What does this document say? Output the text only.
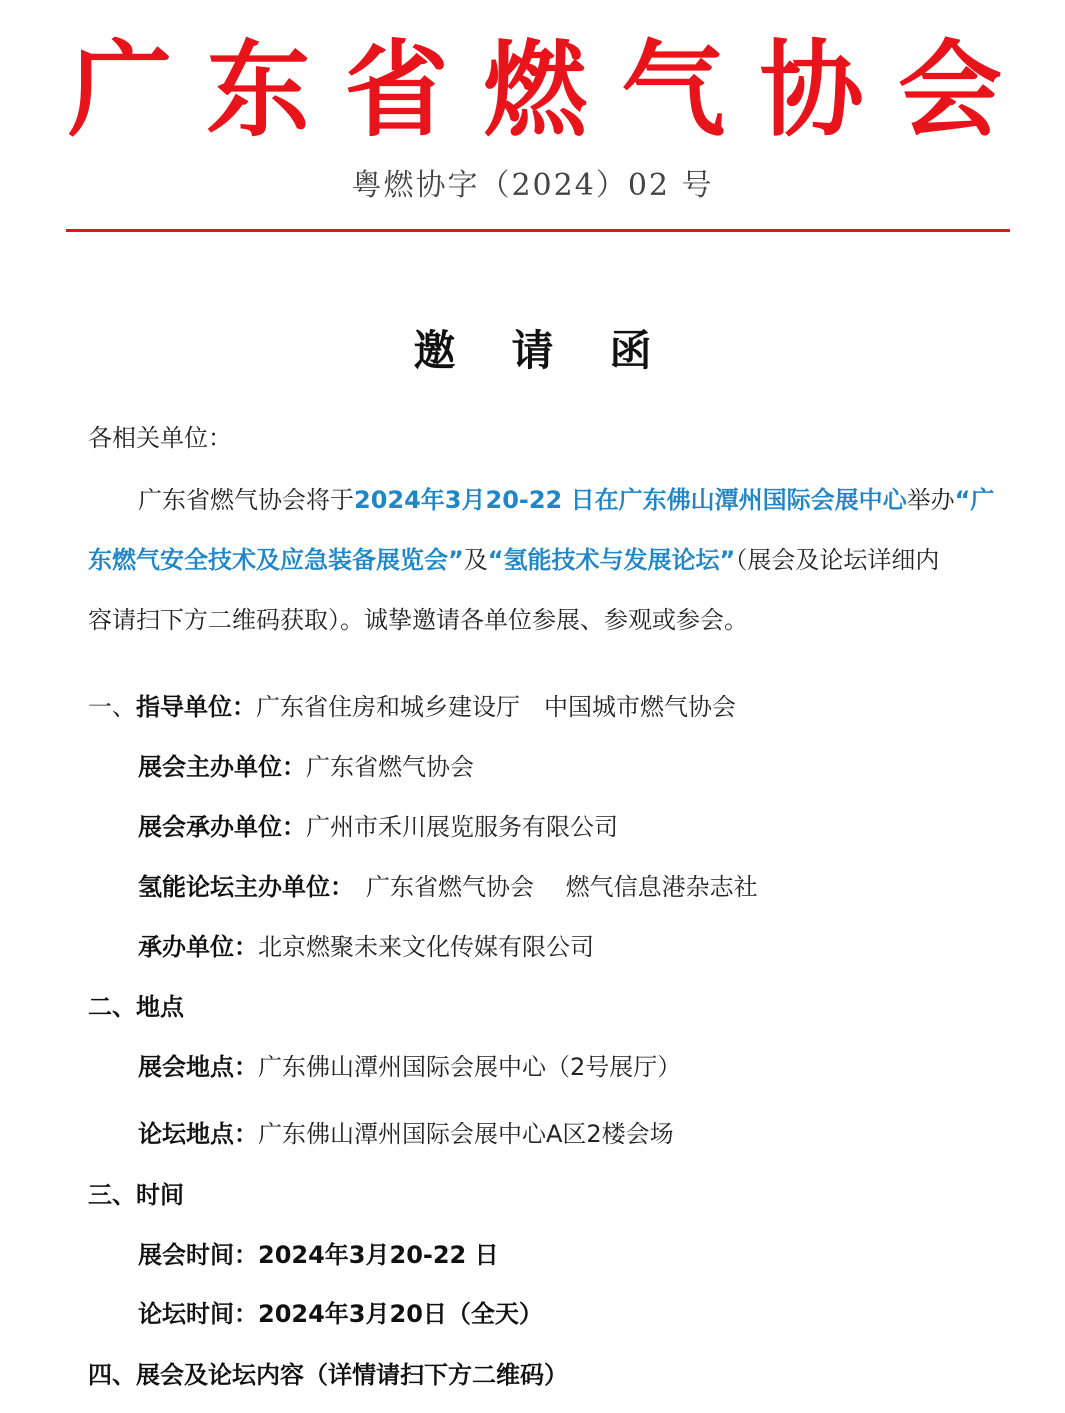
广 东 省 燃 气 协 会
粤燃协字（2024）02 号
邀请函
各相关单位：
广东省燃气协会将于2024年3月20-22 日在广东佛山潭州国际会展中心举办“广
东燃气安全技术及应急装备展览会”及“氢能技术与发展论坛”（展会及论坛详细内
容请扫下方二维码获取）。诚挚邀请各单位参展、参观或参会。
一、指导单位：广东省住房和城乡建设厅　中国城市燃气协会
展会主办单位：广东省燃气协会
展会承办单位：广州市禾川展览服务有限公司
氢能论坛主办单位：　广东省燃气协会　 燃气信息港杂志社
承办单位：北京燃聚未来文化传媒有限公司
二、地点
展会地点：广东佛山潭州国际会展中心（2号展厅）
论坛地点：广东佛山潭州国际会展中心A区2楼会场
三、时间
展会时间：2024年3月20-22 日
论坛时间：2024年3月20日（全天）
四、展会及论坛内容（详情请扫下方二维码）
